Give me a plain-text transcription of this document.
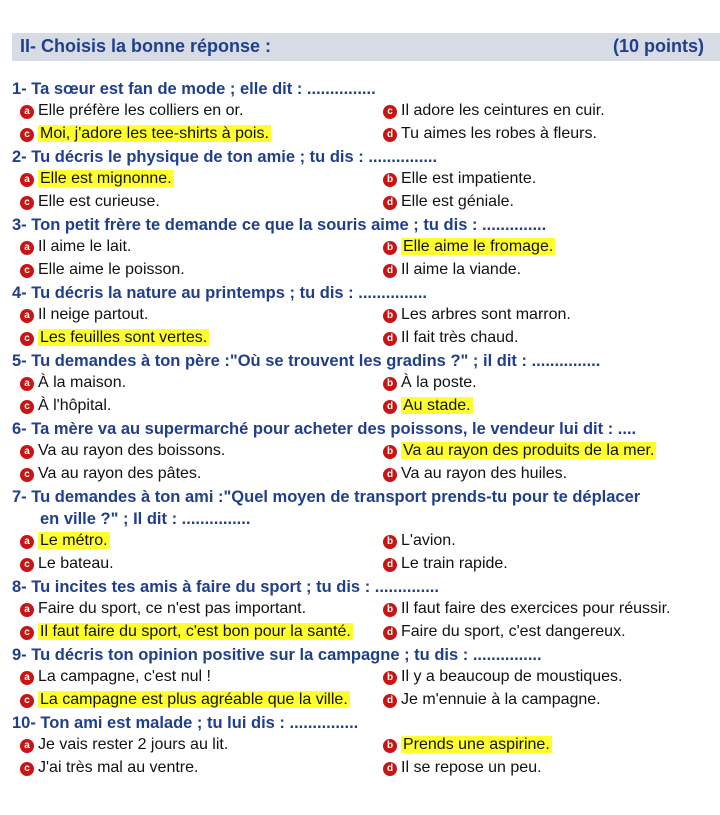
II- Choisis la bonne réponse :	(10 points)
1- Ta sœur est fan de mode ; elle dit : ...............
a Elle préfère les colliers en or.	c Il adore les ceintures en cuir.
c Moi, j'adore les tee-shirts à pois.	d Tu aimes les robes à fleurs.
2- Tu décris le physique de ton amie ; tu dis : ...............
a Elle est mignonne.	b Elle est impatiente.
c Elle est curieuse.	d Elle est géniale.
3- Ton petit frère te demande ce que la souris aime ; tu dis : ..............
a Il aime le lait.	b Elle aime le fromage.
c Elle aime le poisson.	d Il aime la viande.
4- Tu décris la nature au printemps ; tu dis : ...............
a Il neige partout.	b Les arbres sont marron.
c Les feuilles sont vertes.	d Il fait très chaud.
5- Tu demandes à ton père :"Où se trouvent les gradins ?" ; il dit : ...............
a À la maison.	b À la poste.
c À l'hôpital.	d Au stade.
6- Ta mère va au supermarché pour acheter des poissons, le vendeur lui dit : ....
a Va au rayon des boissons.	b Va au rayon des produits de la mer.
c Va au rayon des pâtes.	d Va au rayon des huiles.
7- Tu demandes à ton ami :"Quel moyen de transport prends-tu pour te déplacer
en ville ?" ; Il dit : ...............
a Le métro.	b L'avion.
c Le bateau.	d Le train rapide.
8- Tu incites tes amis à faire du sport ; tu dis : ..............
a Faire du sport, ce n'est pas important.	b Il faut faire des exercices pour réussir.
c Il faut faire du sport, c'est bon pour la santé.	d Faire du sport, c'est dangereux.
9- Tu décris ton opinion positive sur la campagne ; tu dis : ...............
a La campagne, c'est nul !	b Il y a beaucoup de moustiques.
c La campagne est plus agréable que la ville.	d Je m'ennuie à la campagne.
10- Ton ami est malade ; tu lui dis : ...............
a Je vais rester 2 jours au lit.	b Prends une aspirine.
c J'ai très mal au ventre.	d Il se repose un peu.
